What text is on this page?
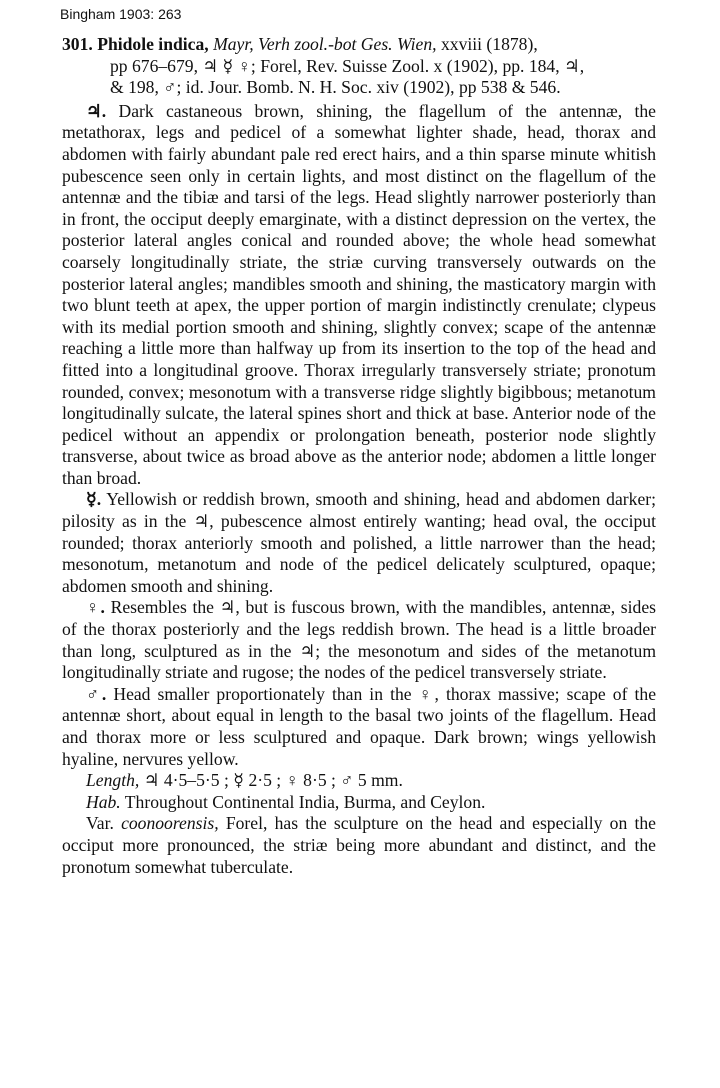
Bingham 1903: 263
301. Phidole indica, Mayr, Verh zool.-bot Ges. Wien, xxviii (1878),
pp 676–679, ♃ ☿ ♀; Forel, Rev. Suisse Zool. x (1902), pp. 184, ♃,
& 198, ♂; id. Jour. Bomb. N. H. Soc. xiv (1902), pp 538 & 546.

♃. Dark castaneous brown, shining, the flagellum of the antennæ, the metathorax, legs and pedicel of a somewhat lighter shade, head, thorax and abdomen with fairly abundant pale red erect hairs, and a thin sparse minute whitish pubescence seen only in certain lights, and most distinct on the flagellum of the antennæ and the tibiæ and tarsi of the legs. Head slightly narrower posteriorly than in front, the occiput deeply emarginate, with a distinct depression on the vertex, the posterior lateral angles conical and rounded above; the whole head somewhat coarsely longitudinally striate, the striæ curving transversely outwards on the posterior lateral angles; mandibles smooth and shining, the masticatory margin with two blunt teeth at apex, the upper portion of margin indistinctly crenulate; clypeus with its medial portion smooth and shining, slightly convex; scape of the antennæ reaching a little more than halfway up from its insertion to the top of the head and fitted into a longitudinal groove. Thorax irregularly transversely striate; pronotum rounded, convex; mesonotum with a transverse ridge slightly bigibbous; metanotum longitudinally sulcate, the lateral spines short and thick at base. Anterior node of the pedicel without an appendix or prolongation beneath, posterior node slightly transverse, about twice as broad above as the anterior node; abdomen a little longer than broad.

☿. Yellowish or reddish brown, smooth and shining, head and abdomen darker; pilosity as in the ♃, pubescence almost entirely wanting; head oval, the occiput rounded; thorax anteriorly smooth and polished, a little narrower than the head; mesonotum, metanotum and node of the pedicel delicately sculptured, opaque; abdomen smooth and shining.

♀. Resembles the ♃, but is fuscous brown, with the mandibles, antennæ, sides of the thorax posteriorly and the legs reddish brown. The head is a little broader than long, sculptured as in the ♃; the mesonotum and sides of the metanotum longitudinally striate and rugose; the nodes of the pedicel transversely striate.

♂. Head smaller proportionately than in the ♀, thorax massive; scape of the antennæ short, about equal in length to the basal two joints of the flagellum. Head and thorax more or less sculptured and opaque. Dark brown; wings yellowish hyaline, nervures yellow.

Length, ♃ 4·5–5·5 ; ☿ 2·5 ; ♀ 8·5 ; ♂ 5 mm.

Hab. Throughout Continental India, Burma, and Ceylon.

Var. coonoorensis, Forel, has the sculpture on the head and especially on the occiput more pronounced, the striæ being more abundant and distinct, and the pronotum somewhat tuberculate.
